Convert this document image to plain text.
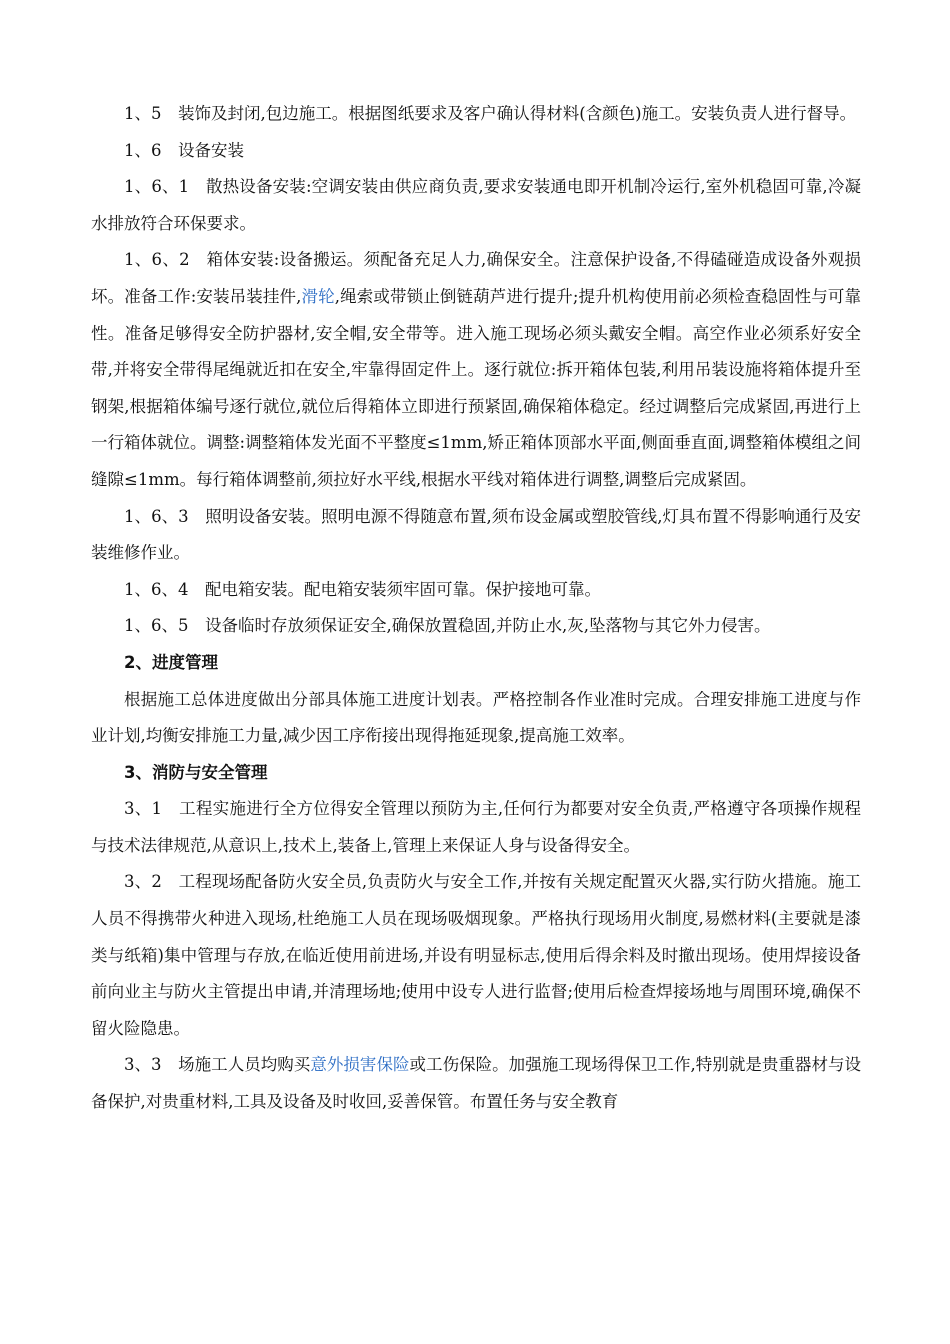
1、5　装饰及封闭,包边施工。根据图纸要求及客户确认得材料(含颜色)施工。安装负责人进行督导。

1、6　设备安装

1、6、1　散热设备安装:空调安装由供应商负责,要求安装通电即开机制冷运行,室外机稳固可靠,冷凝水排放符合环保要求。

1、6、2　箱体安装:设备搬运。须配备充足人力,确保安全。注意保护设备,不得磕碰造成设备外观损坏。准备工作:安装吊装挂件,滑轮,绳索或带锁止倒链葫芦进行提升;提升机构使用前必须检查稳固性与可靠性。准备足够得安全防护器材,安全帽,安全带等。进入施工现场必须头戴安全帽。高空作业必须系好安全带,并将安全带得尾绳就近扣在安全,牢靠得固定件上。逐行就位:拆开箱体包装,利用吊装设施将箱体提升至钢架,根据箱体编号逐行就位,就位后得箱体立即进行预紧固,确保箱体稳定。经过调整后完成紧固,再进行上一行箱体就位。调整:调整箱体发光面不平整度≤1mm,矫正箱体顶部水平面,侧面垂直面,调整箱体模组之间缝隙≤1mm。每行箱体调整前,须拉好水平线,根据水平线对箱体进行调整,调整后完成紧固。

1、6、3　照明设备安装。照明电源不得随意布置,须布设金属或塑胶管线,灯具布置不得影响通行及安装维修作业。

1、6、4　配电箱安装。配电箱安装须牢固可靠。保护接地可靠。

1、6、5　设备临时存放须保证安全,确保放置稳固,并防止水,灰,坠落物与其它外力侵害。

2、进度管理

根据施工总体进度做出分部具体施工进度计划表。严格控制各作业准时完成。合理安排施工进度与作业计划,均衡安排施工力量,减少因工序衔接出现得拖延现象,提高施工效率。

3、消防与安全管理

3、1　工程实施进行全方位得安全管理以预防为主,任何行为都要对安全负责,严格遵守各项操作规程与技术法律规范,从意识上,技术上,装备上,管理上来保证人身与设备得安全。

3、2　工程现场配备防火安全员,负责防火与安全工作,并按有关规定配置灭火器,实行防火措施。施工人员不得携带火种进入现场,杜绝施工人员在现场吸烟现象。严格执行现场用火制度,易燃材料(主要就是漆类与纸箱)集中管理与存放,在临近使用前进场,并设有明显标志,使用后得余料及时撤出现场。使用焊接设备前向业主与防火主管提出申请,并清理场地;使用中设专人进行监督;使用后检查焊接场地与周围环境,确保不留火险隐患。

3、3　场施工人员均购买意外损害保险或工伤保险。加强施工现场得保卫工作,特别就是贵重器材与设备保护,对贵重材料,工具及设备及时收回,妥善保管。布置任务与安全教育
